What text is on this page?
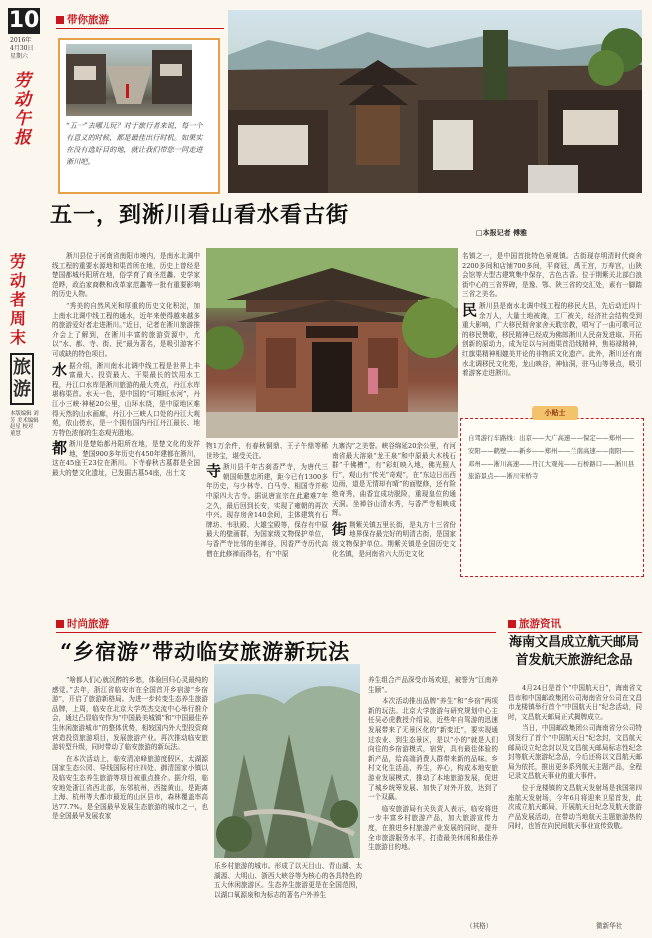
10
2016年
4月30日
星期六
劳动午报
带你旅游
“五一”去哪儿玩？对于旅行者来说，每一个有意义的时候，都是最佳出行时机。如果实在没有选好目的地，就让我们带您一同走进淅川吧。
五一，到淅川看山看水看古街
□本报记者 傅雅
劳动者周末
旅游
本版编辑 刘芳 美术编辑 赵星 校对 董慧

淅川县位于河南省南阳市境内，是南水北调中线工程的重要水源地和渠首所在地，历史上曾经是楚国都城丹阳所在地，俗学育了商圣范蠡、史学家范晔，政治家商鞅和改革家范蠡等一批有重要影响的历史人物。

“秀美的自然风光和厚重的历史文化积淀，加上南水北调中线工程的通水，近年来使得越来越多的旅游爱好者走进淅川。”近日，记者在淅川旅游推介会上了解到，在淅川丰富的旅游资源中，尤以“水、都、寺、街、民”最为著名，是吸引游客不可或缺的特色项目。

水据介绍，淅川南水北调中线工程是世界上丰富最大、投资最大、干渠最长的饮用水工程，丹江口水库是淅川旅游的最大亮点，丹江水库堪称渠首。水天一色，是中国的“可期旺水河”，丹江小三峡·神秘20公里，山环水绕，是中原地区难得天然的山水画廊，丹江小三峡人口处的丹江大观苑，依山傍水，是一个拥有国内丹江丹江最长、地方特色浓郁的生态观光胜地。

都淅川是楚始都丹阳所在地，是楚文化的发祥地，楚国900多年历史有450年建都在淅川，这在45座王23位在淅川。下寺春秋古墓群是全国最大的楚文化遗址，已发掘古墓54座，出土文

物1万余件，有春秋铜鼎、王子午鼎等稀世珍宝，堪受关注。

寺淅川县千年古刹香严寺，为唐代三朝国师慧忠所建，距今已有1300多年历史，与少林寺、白马寺、相国寺并称中原四大古寺。据说唐宣宗在此避难7年之久，最后回到长安，实现了雍朝的再次中兴。现存房舍140余间，主体建筑有石牌坊、韦驮殿、大雄宝殿等，保存有中原最大的壁画群，为国家级文物保护单位，与香严寺比邻的坐禅谷，因香严寺历代高僧在此修禅而得名，有“中原

九寨沟”之美誉。峡谷绵延20余公里，有河南省最大溶泉“龙王泉”和中原最大木栈石群“千佛槽”，有“彩虹映入地，佛光照人行”，观山有“传光”奇观”，在“东边日出西边雨，道是无情却有晴”的面壁修，还有险绝奇秀，曲香宜成功脱险，重现皇位的通天洞。坐禅谷山清水秀，与香严寺相映成辉。

街荆紫关镇五里长街，是丸方十三省份地界保存最完好的明清古街，是国家级文物保护单位。荆紫关镇是全国历史文化名镇，是河南省六大历史文化

名镇之一，是中国首批特色景观镇。古街现存明清时代商舍2200多间和店铺700多间，平商冠，禹王宫，万寿宫，山陕会馆等大型古建筑集中保存，古色古香。位于荆紫关北部白浪街中心的三省界碑，是豫、鄂、陕三省的交汇处，素有一脚踏三省之美名。

民淅川县是南水北调中线工程的移民大县，先后动迁四十余万人，大量土地被淹，工厂被关，经济社会结构受到重大影响，广大移民彻舍家舍天耽宗教，唱写了一曲可歌可泣的移民赞歌，移民精神已经成为佛郎淅川人民奋发进取、开拓创新的原动力，成为足以与河南渠首沿线精神，焦裕禄精神，红旗渠精神相媲美并论的非物质文化遗产。此外，淅川还有南水北调移民文化苑，龙山映谷，神仙洞，驻马山等景点，吸引着游客走进淅川。

小贴士
自驾游行车路线：出京——大广高速——保定——郑州——安阳——鹤壁——新乡——郑州——兰南高速——南阳——邓州——淅川高速——丹江大观苑——石桥路口——淅川县旅游景点——淅川宋桥寺
时尚旅游	旅游资讯
“乡宿游”带动临安旅游新玩法

“啥都人们心就沉醉的乡愁，体验回归心灵最纯的感觉。”去年，浙江省临安市在全国首开乡宿游“乡宿游”，开启了旅游新格局。为进一步转变生态养生旅游品牌，上周，临安在北京大学英杰交流中心举行推介会，通过凸显临安作为“中国最美城镇”和“中国最佳养生休闲旅游城市”的整体优势，相较国内外大型投资商营造投资旅游项目，发展旅游产业。再次推动临安旅游转型升级，同时带动了临安旅游的新玩法。

在本次活动上，临安清凉峰旅游度假区、太湖源国家生态公园、导线国际村庄四处、御清国家小镇以及临安生态养生旅游等项目被重点推介。据介绍，临安地处浙江省西北部，东邻杭州，西接黄山，是距离上海、杭州等大都市最近的山区县市，森林覆盖率高达77.7%。是全国最早发展生态旅游的城市之一，也是全国最早发展农家

乐乡村旅游的城市。形成了以天目山、青山湖、太湖源、大明山、浙西大峡谷等为核心的各具特色的五大休闲旅游区。生态养生旅游更是在全国范围，以湖口氧源泉和为标志的著名户外养生

养生组合产品深受市场欢迎，被誉为“江南养生颐”。

本次活动推出品牌“养生”和“乡宿”两项新的玩法。北京大学旅游与研究规划中心主任吴必虎教授介绍说，近些年自驾游的迅速发展带来了无景区化的“新变迁”，要实现通过农业、到生态景区，是以“小的”就是人们向往的乡宿游模式，宿营，具有最佳体验的新产品，给高端消费人群带来新的品味。乡村文化生活品，养生，养心，构成本地安旅游业发展模式，推动了本地旅游发展，促进了城乡统筹发展、加快了对外开放，达到了一个双赢。

临安旅游局有关负责人表示，临安将进一步丰富乡村旅游产品，加大旅游宣传力度，在推进乡村旅游产业发展的同时，提升全市旅游服务水平，打造最美休闲和最佳养生旅游目的地。

（其格）
海南文昌成立航天邮局首发航天旅游纪念品

4月24日是首个“中国航天日”，海南省文昌市和中国邮政集团公司海南省分公司在文昌市龙楼镇举行首个“中国航天日”纪念活动，同时，文昌航天邮局正式揭牌成立。

当日，中国邮政集团公司海南省分公司特别发行了首个“中国航天日”纪念封，文昌航天邮局设立纪念封以及文昌航天邮局标志性纪念封等航天旅游纪念品，今后还将以文昌航天邮局为依托，推出更多系列航天主题产品，全程记录文昌航天事业的重大事件。

位于龙楼镇的文昌航天发射场是我国第四座航天发射场，今年6月将迎来卫星首发，此次成立航天邮局，开展航天日纪念及航天旅游产品发展活动，在带动当地航天主题旅游热的同时，也旨在向民间航天事业宣传致敬。

微新华社
